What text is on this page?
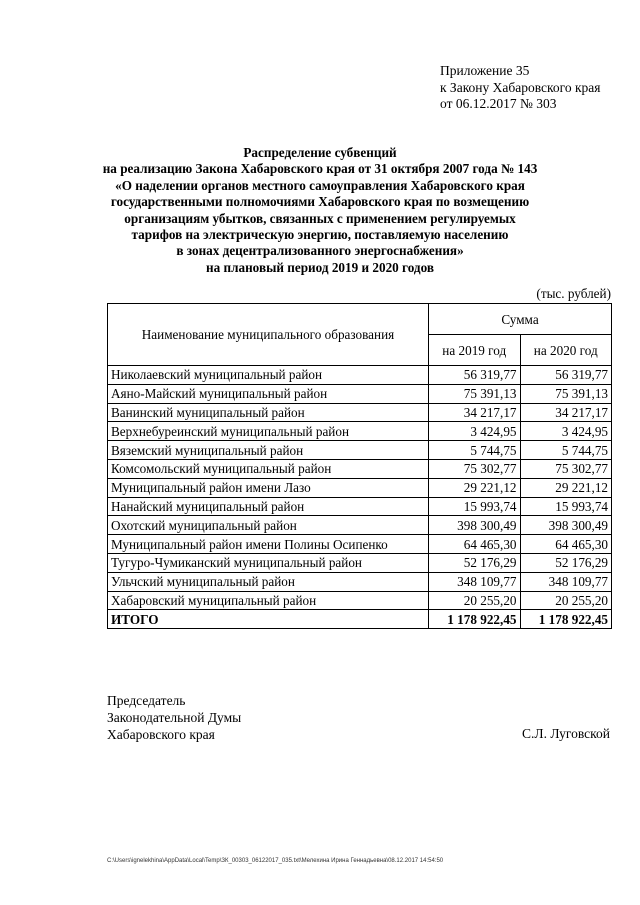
Приложение 35
к Закону Хабаровского края
от 06.12.2017 № 303
Распределение субвенций
на реализацию Закона Хабаровского края от 31 октября 2007 года № 143
«О наделении органов местного самоуправления Хабаровского края
государственными полномочиями Хабаровского края по возмещению
организациям убытков, связанных с применением регулируемых
тарифов на электрическую энергию, поставляемую населению
в зонах децентрализованного энергоснабжения»
на плановый период 2019 и 2020 годов
(тыс. рублей)
Наименование муниципального образования	Сумма	
	на 2019 год	на 2020 год
Николаевский муниципальный район	56 319,77	56 319,77
Аяно-Майский муниципальный район	75 391,13	75 391,13
Ванинский муниципальный район	34 217,17	34 217,17
Верхнебуреинский муниципальный район	3 424,95	3 424,95
Вяземский муниципальный район	5 744,75	5 744,75
Комсомольский муниципальный район	75 302,77	75 302,77
Муниципальный район имени Лазо	29 221,12	29 221,12
Нанайский муниципальный район	15 993,74	15 993,74
Охотский муниципальный район	398 300,49	398 300,49
Муниципальный район имени Полины Осипенко	64 465,30	64 465,30
Тугуро-Чумиканский муниципальный район	52 176,29	52 176,29
Ульчский муниципальный район	348 109,77	348 109,77
Хабаровский муниципальный район	20 255,20	20 255,20
ИТОГО	1 178 922,45	1 178 922,45
Председатель
Законодательной Думы
Хабаровского края	С.Л. Луговской
C:\Users\ignelekhina\AppData\Local\Temp\ЗК_00303_06122017_035.txt\Мелехина Ирина Геннадьевна\08.12.2017 14:54:50
